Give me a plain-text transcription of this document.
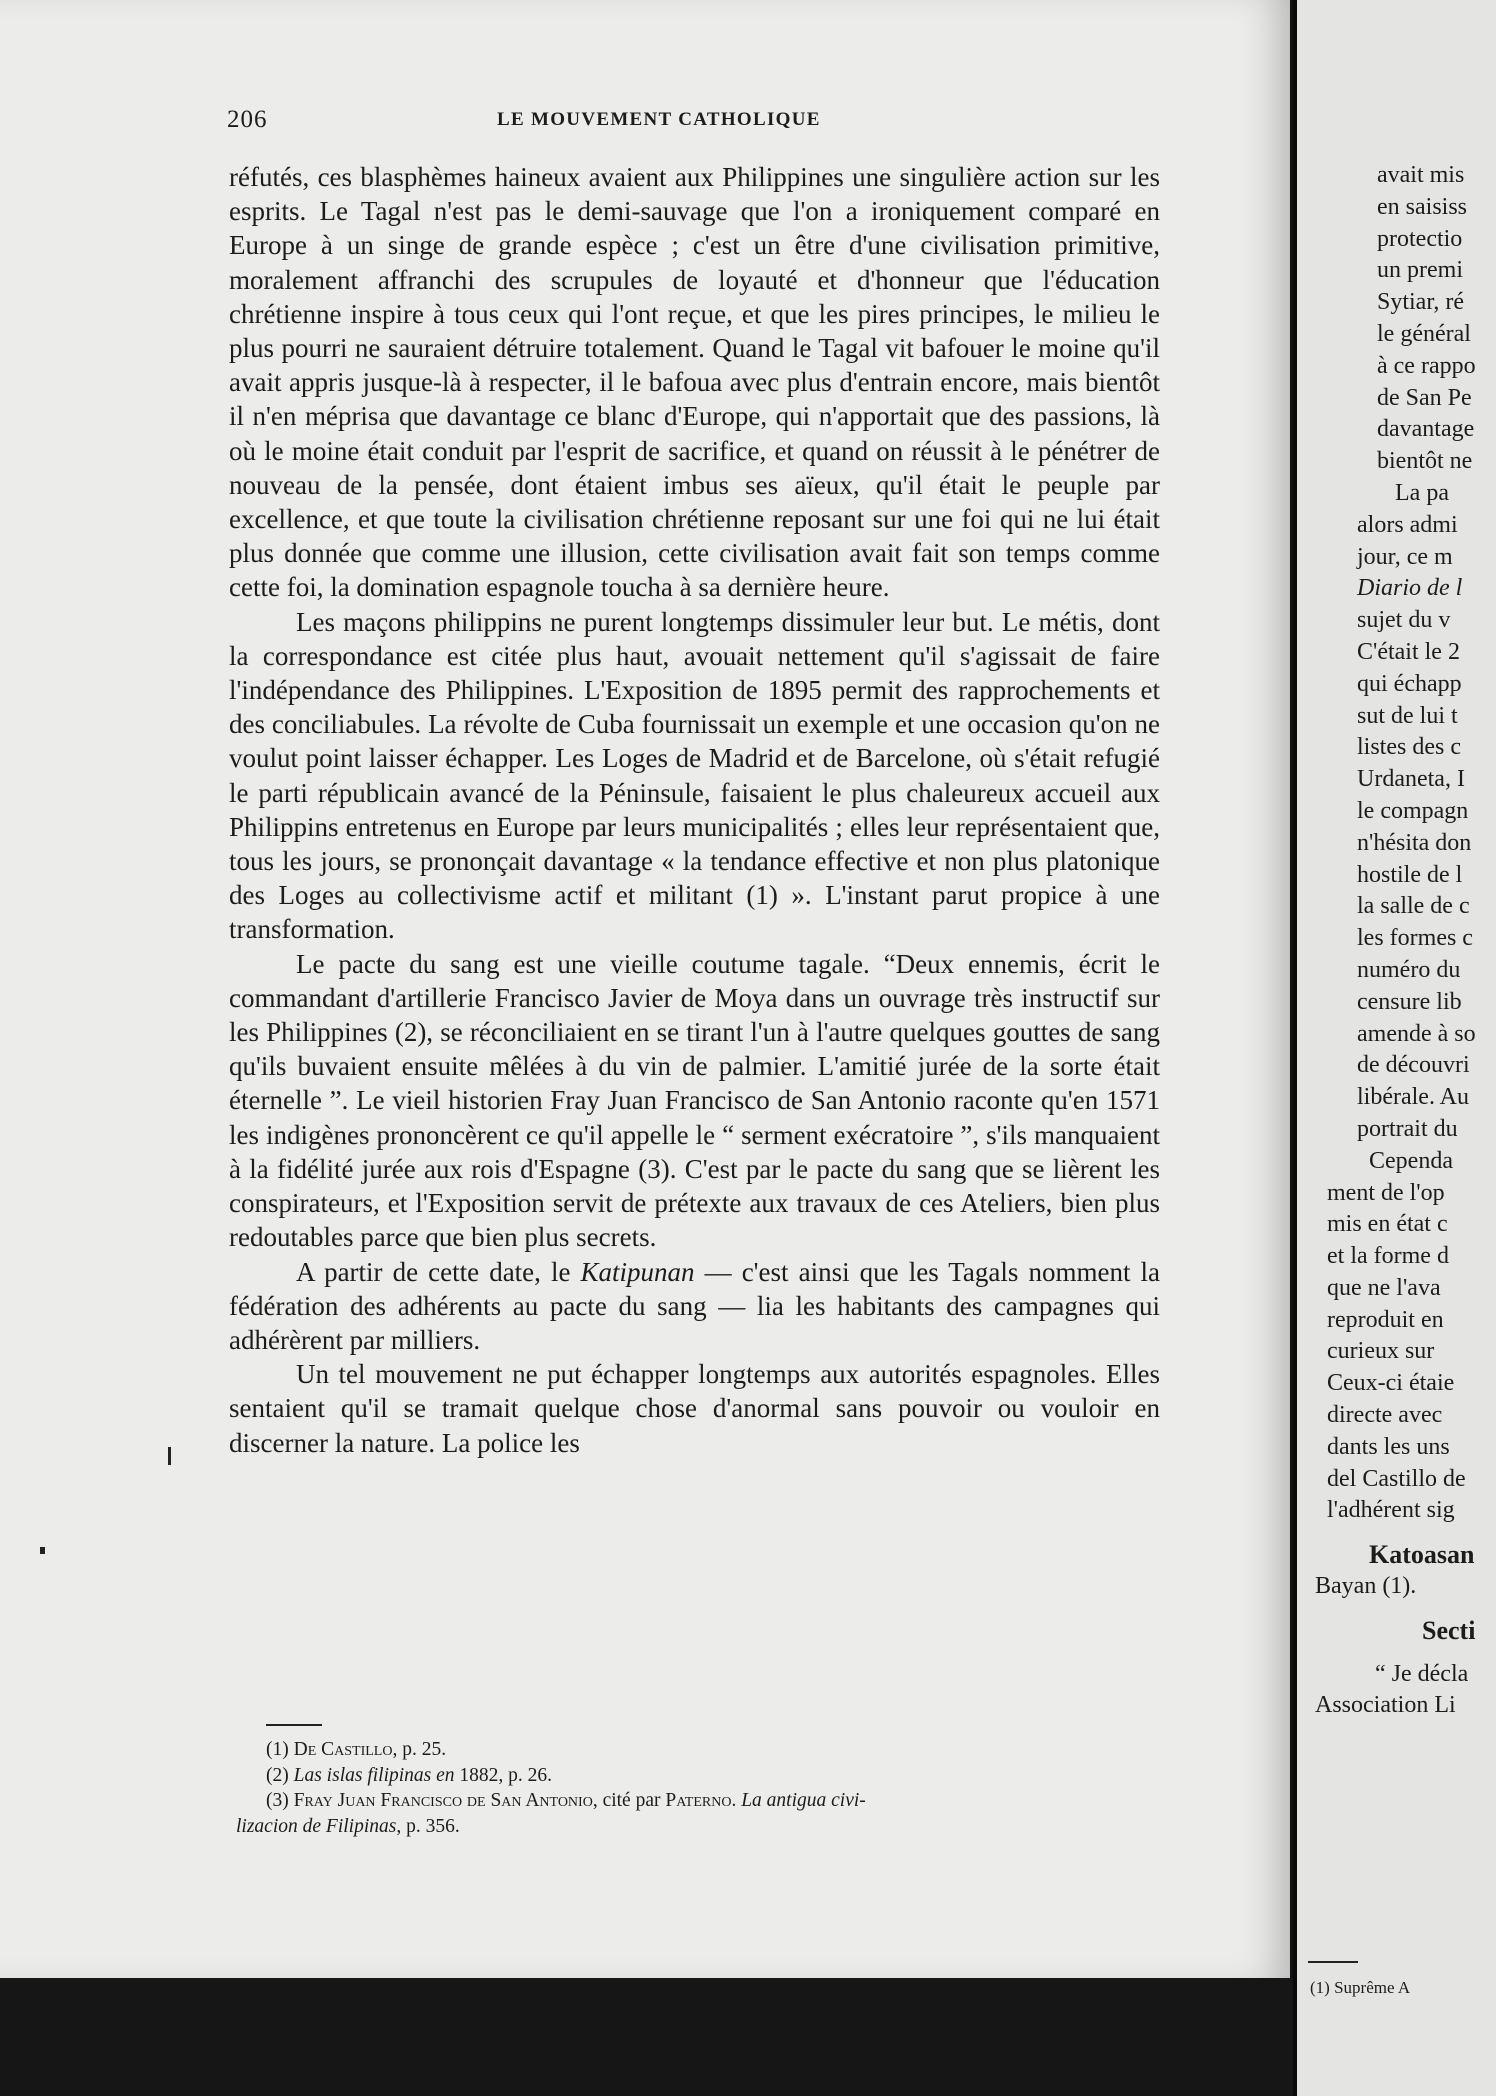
206	LE MOUVEMENT CATHOLIQUE

réfutés, ces blasphèmes haineux avaient aux Philippines une singulière action sur les esprits. Le Tagal n'est pas le demi-sauvage que l'on a ironiquement comparé en Europe à un singe de grande espèce ; c'est un être d'une civilisation primitive, moralement affranchi des scrupules de loyauté et d'honneur que l'éducation chrétienne inspire à tous ceux qui l'ont reçue, et que les pires principes, le milieu le plus pourri ne sauraient détruire totalement. Quand le Tagal vit bafouer le moine qu'il avait appris jusque-là à respecter, il le bafoua avec plus d'entrain encore, mais bientôt il n'en méprisa que davantage ce blanc d'Europe, qui n'apportait que des passions, là où le moine était conduit par l'esprit de sacrifice, et quand on réussit à le pénétrer de nouveau de la pensée, dont étaient imbus ses aïeux, qu'il était le peuple par excellence, et que toute la civilisation chrétienne reposant sur une foi qui ne lui était plus donnée que comme une illusion, cette civilisation avait fait son temps comme cette foi, la domination espagnole toucha à sa dernière heure.

Les maçons philippins ne purent longtemps dissimuler leur but. Le métis, dont la correspondance est citée plus haut, avouait nettement qu'il s'agissait de faire l'indépendance des Philippines. L'Exposition de 1895 permit des rapprochements et des conciliabules. La révolte de Cuba fournissait un exemple et une occasion qu'on ne voulut point laisser échapper. Les Loges de Madrid et de Barcelone, où s'était refugié le parti républicain avancé de la Péninsule, faisaient le plus chaleureux accueil aux Philippins entretenus en Europe par leurs municipalités ; elles leur représentaient que, tous les jours, se prononçait davantage « la tendance effective et non plus platonique des Loges au collectivisme actif et militant (1) ». L'instant parut propice à une transformation.

Le pacte du sang est une vieille coutume tagale. “Deux ennemis, écrit le commandant d'artillerie Francisco Javier de Moya dans un ouvrage très instructif sur les Philippines (2), se réconciliaient en se tirant l'un à l'autre quelques gouttes de sang qu'ils buvaient ensuite mêlées à du vin de palmier. L'amitié jurée de la sorte était éternelle ”. Le vieil historien Fray Juan Francisco de San Antonio raconte qu'en 1571 les indigènes prononcèrent ce qu'il appelle le “ serment exécratoire ”, s'ils manquaient à la fidélité jurée aux rois d'Espagne (3). C'est par le pacte du sang que se lièrent les conspirateurs, et l'Exposition servit de prétexte aux travaux de ces Ateliers, bien plus redoutables parce que bien plus secrets.

A partir de cette date, le Katipunan — c'est ainsi que les Tagals nomment la fédération des adhérents au pacte du sang — lia les habitants des campagnes qui adhérèrent par milliers.

Un tel mouvement ne put échapper longtemps aux autorités espagnoles. Elles sentaient qu'il se tramait quelque chose d'anormal sans pouvoir ou vouloir en discerner la nature. La police les

(1) De Castillo, p. 25.

(2) Las islas filipinas en 1882, p. 26.

(3) Fray Juan Francisco de San Antonio, cité par Paterno. La antigua civi-

lizacion de Filipinas, p. 356.

avait mis
en saisiss
protectio
un premi
Sytiar, ré
le général
à ce rappo
de San Pe
davantage
bientôt ne
La pa
alors admi
jour, ce m
Diario de l
sujet du v
C'était le 2
qui échapp
sut de lui t
listes des c
Urdaneta, I
le compagn
n'hésita don
hostile de l
la salle de c
les formes c
numéro du
censure lib
amende à so
de découvri
libérale. Au
portrait du
Cependa
ment de l'op
mis en état c
et la forme d
que ne l'ava
reproduit en
curieux sur
Ceux-ci étaie
directe avec
dants les uns
del Castillo de
l'adhérent sig
Katoasan
Bayan (1).
Secti
“ Je décla
Association Li
(1) Suprême A
